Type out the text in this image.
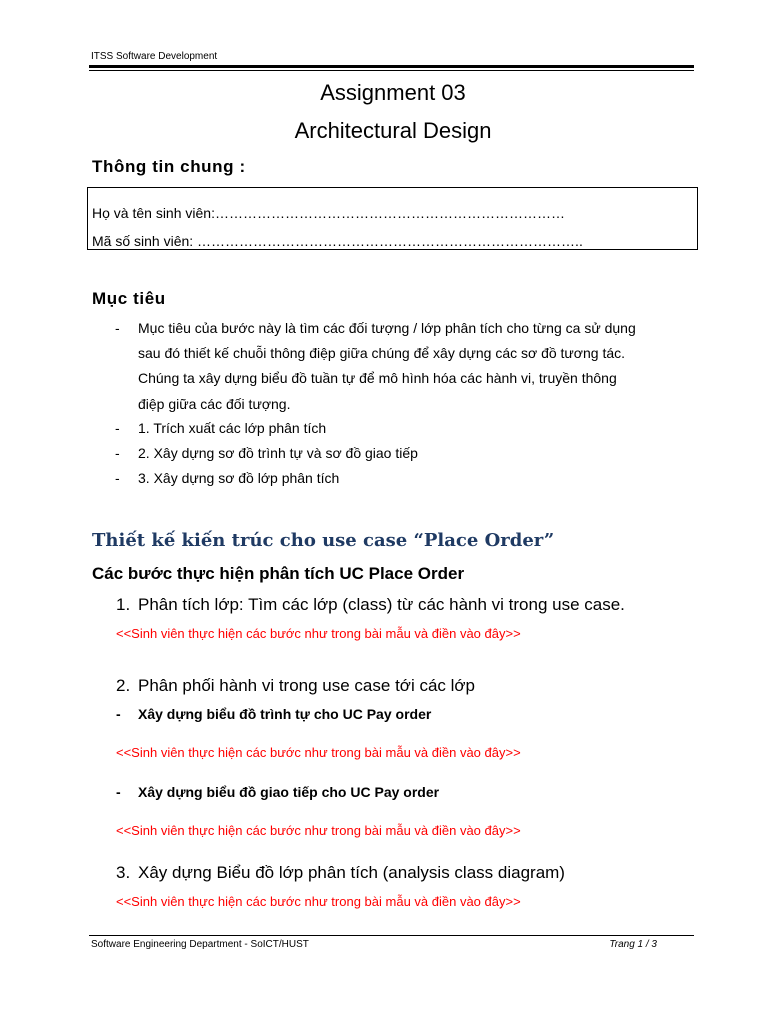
ITSS Software Development
Assignment 03
Architectural Design
Thông tin chung :
Họ và tên sinh viên:…………………………………………………………………
Mã số sinh viên: ………………………………………………………………………..
Mục tiêu
- Mục tiêu của bước này là tìm các đối tượng / lớp phân tích cho từng ca sử dụng
sau đó thiết kế chuỗi thông điệp giữa chúng để xây dựng các sơ đồ tương tác.
Chúng ta xây dựng biểu đồ tuần tự để mô hình hóa các hành vi, truyền thông
điệp giữa các đối tượng.
- 1. Trích xuất các lớp phân tích
- 2. Xây dựng sơ đồ trình tự và sơ đồ giao tiếp
- 3. Xây dựng sơ đồ lớp phân tích
Thiết kế kiến trúc cho use case “Place Order”
Các bước thực hiện phân tích UC Place Order
1. Phân tích lớp: Tìm các lớp (class) từ các hành vi trong use case.
<<Sinh viên thực hiện các bước như trong bài mẫu và điền vào đây>>
2. Phân phối hành vi trong use case tới các lớp
- Xây dựng biểu đồ trình tự cho UC Pay order
<<Sinh viên thực hiện các bước như trong bài mẫu và điền vào đây>>
- Xây dựng biểu đồ giao tiếp cho UC Pay order
<<Sinh viên thực hiện các bước như trong bài mẫu và điền vào đây>>
3. Xây dựng Biểu đồ lớp phân tích (analysis class diagram)
<<Sinh viên thực hiện các bước như trong bài mẫu và điền vào đây>>
Software Engineering Department - SoICT/HUST	Trang 1 / 3
